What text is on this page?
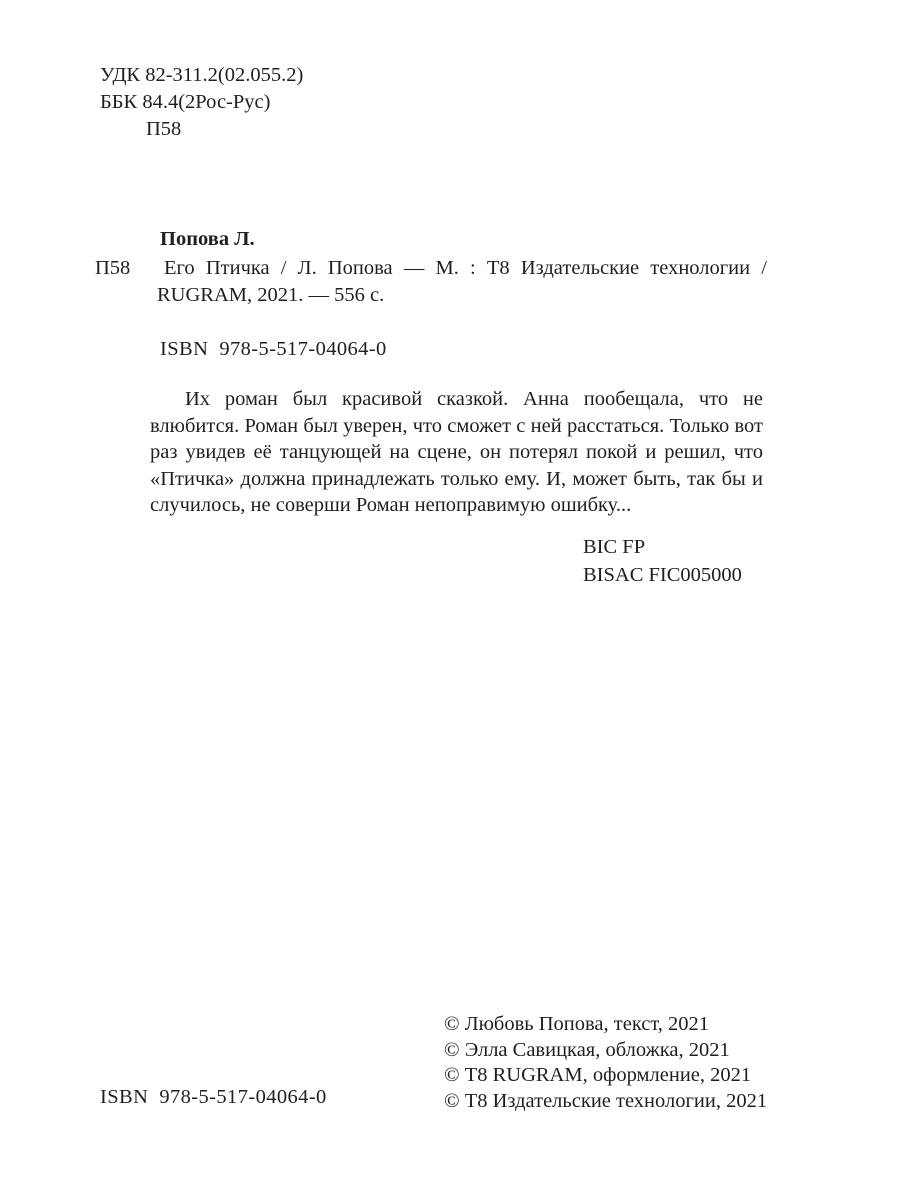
УДК 82-311.2(02.055.2)
ББК 84.4(2Рос-Рус)
П58
Попова Л.
П58	Его Птичка / Л. Попова — М. : Т8 Издательские технологии / RUGRAM, 2021. — 556 с.
ISBN  978-5-517-04064-0
Их роман был красивой сказкой. Анна пообещала, что не влюбится. Роман был уверен, что сможет с ней расстаться. Только вот раз увидев её танцующей на сцене, он потерял покой и решил, что «Птичка» должна принадлежать только ему. И, может быть, так бы и случилось, не соверши Роман непоправимую ошибку...
BIC FP
BISAC FIC005000
© Любовь Попова, текст, 2021
© Элла Савицкая, обложка, 2021
© Т8 RUGRAM, оформление, 2021
© Т8 Издательские технологии, 2021
ISBN  978-5-517-04064-0
